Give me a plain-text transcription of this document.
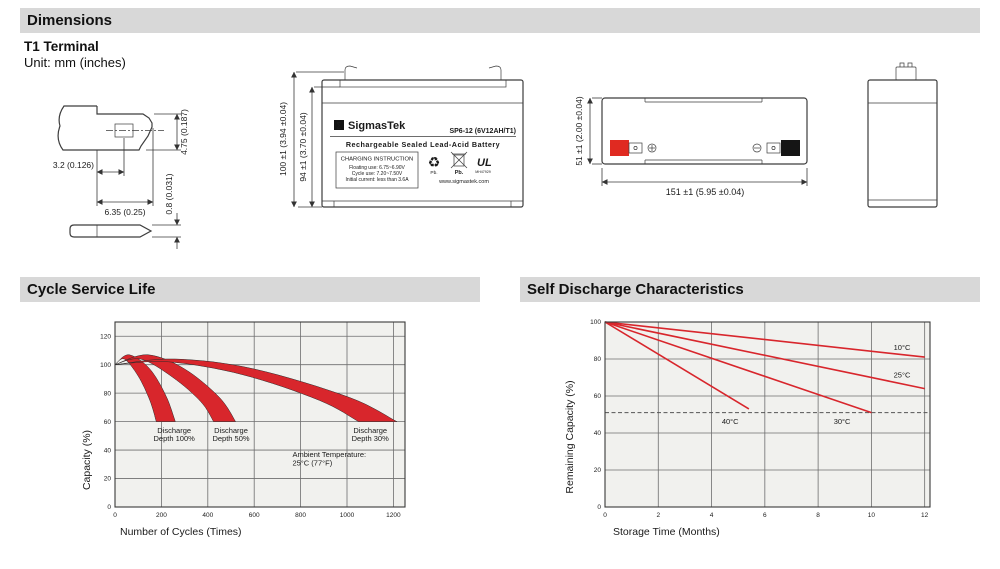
Dimensions
T1 Terminal
Unit: mm (inches)
4.75 (0.187)
3.2 (0.126)
6.35 (0.25) 0.8 (0.031)
Σ SigmasTek	SP6-12 (6V12AH/T1)
Rechargeable Sealed Lead-Acid Battery
CHARGING INSTRUCTION
Floating use: 6.75~6.90V
Cycle use: 7.20~7.50V
Initial current: less than 3.6A
♻
Pb.	Pb.
UL
MH47929
www.sigmastek.com
100 ±1 (3.94 ±0.04) 94 ±1 (3.70 ±0.04)	51 ±1 (2.00 ±0.04)
151 ±1 (5.95 ±0.04)
Cycle Service Life	Self Discharge Characteristics
Discharge
Depth 100%
Discharge
Depth 50%
Discharge
Depth 30%
Ambient Temperature:
25°C (77°F)
0	200	400	600	800	1000	1200
0
20
40
60
80
100
120
Number of Cycles (Times)
Capacity (%)
10°C
25°C
30°C
40°C
0	2	4	6	8	10	12
0
20
40
60
80
100
Storage Time (Months)
Remaining Capacity (%)
